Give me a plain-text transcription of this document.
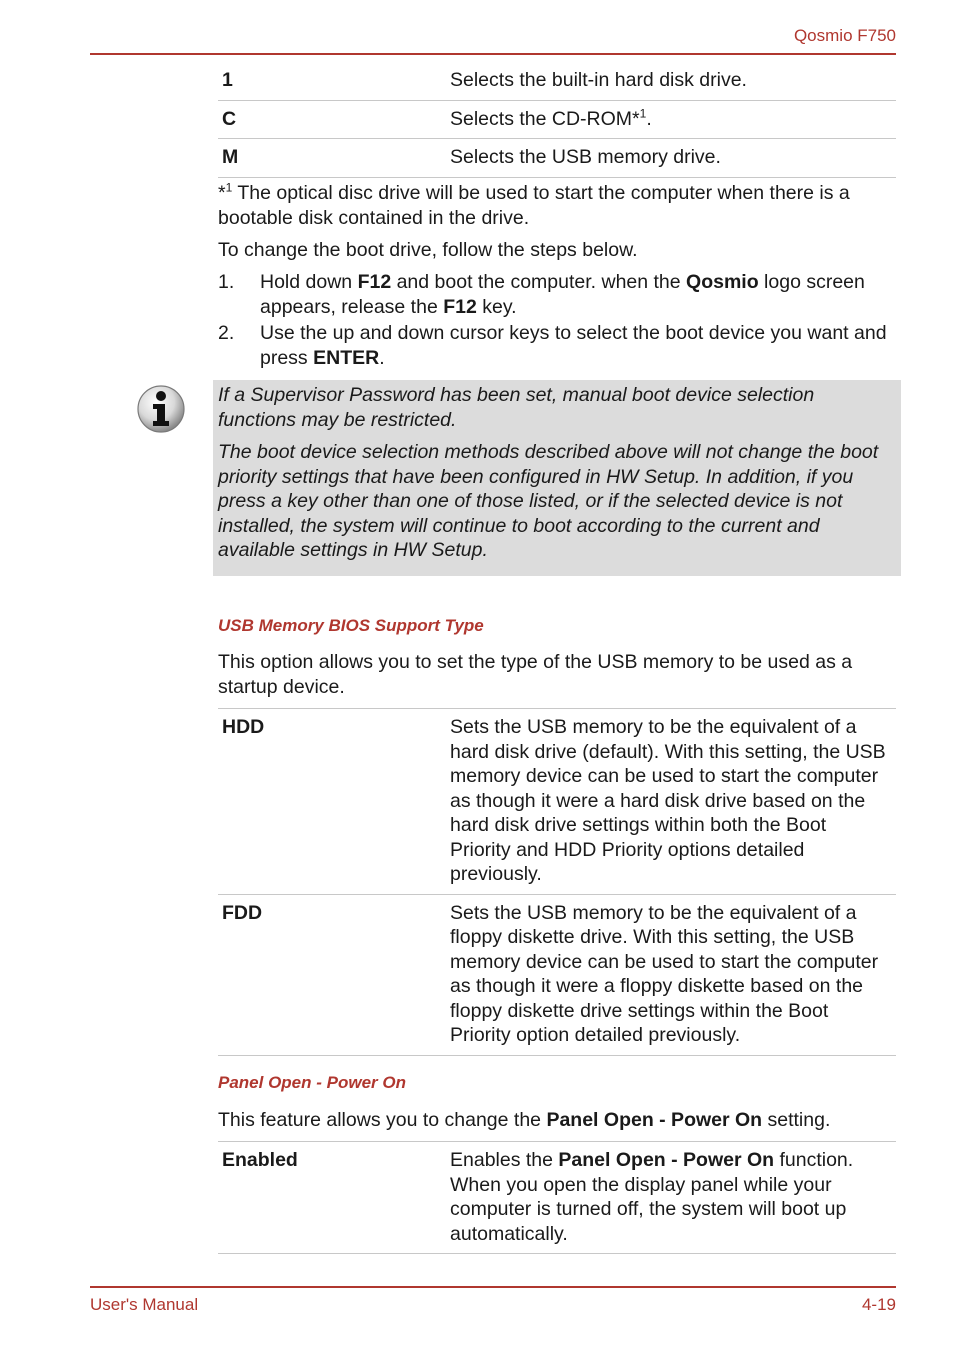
Qosmio F750
1	Selects the built-in hard disk drive.
C	Selects the CD-ROM*$^1$.
M	Selects the USB memory drive.

*$^1$ The optical disc drive will be used to start the computer when there is a bootable disk contained in the drive.

To change the boot drive, follow the steps below.

1. Hold down F12 and boot the computer. when the Qosmio logo screen appears, release the F12 key.
2. Use the up and down cursor keys to select the boot device you want and press ENTER.

If a Supervisor Password has been set, manual boot device selection functions may be restricted.

The boot device selection methods described above will not change the boot priority settings that have been configured in HW Setup. In addition, if you press a key other than one of those listed, or if the selected device is not installed, the system will continue to boot according to the current and available settings in HW Setup.

USB Memory BIOS Support Type

This option allows you to set the type of the USB memory to be used as a startup device.

HDD	Sets the USB memory to be the equivalent of a hard disk drive (default). With this setting, the USB memory device can be used to start the computer as though it were a hard disk drive based on the hard disk drive settings within both the Boot Priority and HDD Priority options detailed previously.
FDD	Sets the USB memory to be the equivalent of a floppy diskette drive. With this setting, the USB memory device can be used to start the computer as though it were a floppy diskette based on the floppy diskette drive settings within the Boot Priority option detailed previously.

Panel Open - Power On

This feature allows you to change the Panel Open - Power On setting.

Enabled	Enables the Panel Open - Power On function. When you open the display panel while your computer is turned off, the system will boot up automatically.
User's Manual	4-19
